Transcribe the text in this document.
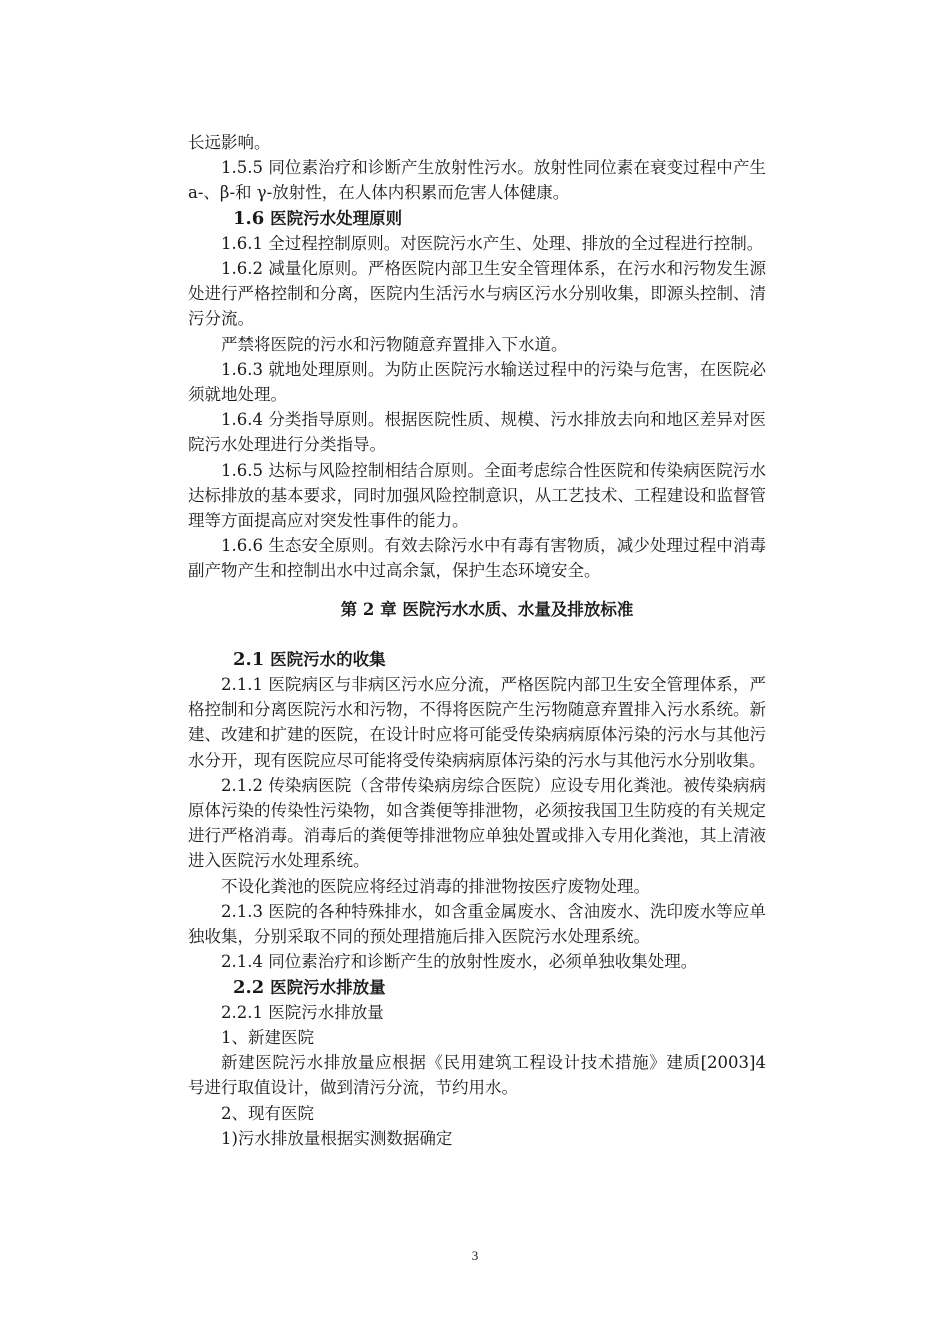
长远影响。

1.5.5 同位素治疗和诊断产生放射性污水。放射性同位素在衰变过程中产生 a-、β-和 γ-放射性，在人体内积累而危害人体健康。

1.6 医院污水处理原则

1.6.1 全过程控制原则。对医院污水产生、处理、排放的全过程进行控制。

1.6.2 减量化原则。严格医院内部卫生安全管理体系，在污水和污物发生源处进行严格控制和分离，医院内生活污水与病区污水分别收集，即源头控制、清污分流。

严禁将医院的污水和污物随意弃置排入下水道。

1.6.3 就地处理原则。为防止医院污水输送过程中的污染与危害，在医院必须就地处理。

1.6.4 分类指导原则。根据医院性质、规模、污水排放去向和地区差异对医院污水处理进行分类指导。

1.6.5 达标与风险控制相结合原则。全面考虑综合性医院和传染病医院污水达标排放的基本要求，同时加强风险控制意识，从工艺技术、工程建设和监督管理等方面提高应对突发性事件的能力。

1.6.6 生态安全原则。有效去除污水中有毒有害物质，减少处理过程中消毒副产物产生和控制出水中过高余氯，保护生态环境安全。

第 2 章 医院污水水质、水量及排放标准

2.1 医院污水的收集

2.1.1 医院病区与非病区污水应分流，严格医院内部卫生安全管理体系，严格控制和分离医院污水和污物，不得将医院产生污物随意弃置排入污水系统。新建、改建和扩建的医院，在设计时应将可能受传染病病原体污染的污水与其他污水分开，现有医院应尽可能将受传染病病原体污染的污水与其他污水分别收集。

2.1.2 传染病医院（含带传染病房综合医院）应设专用化粪池。被传染病病原体污染的传染性污染物，如含粪便等排泄物，必须按我国卫生防疫的有关规定进行严格消毒。消毒后的粪便等排泄物应单独处置或排入专用化粪池，其上清液进入医院污水处理系统。

不设化粪池的医院应将经过消毒的排泄物按医疗废物处理。

2.1.3 医院的各种特殊排水，如含重金属废水、含油废水、洗印废水等应单独收集，分别采取不同的预处理措施后排入医院污水处理系统。

2.1.4 同位素治疗和诊断产生的放射性废水，必须单独收集处理。

2.2 医院污水排放量

2.2.1 医院污水排放量

1、新建医院

新建医院污水排放量应根据《民用建筑工程设计技术措施》建质[2003]4 号进行取值设计，做到清污分流，节约用水。

2、现有医院

1)污水排放量根据实测数据确定

3
